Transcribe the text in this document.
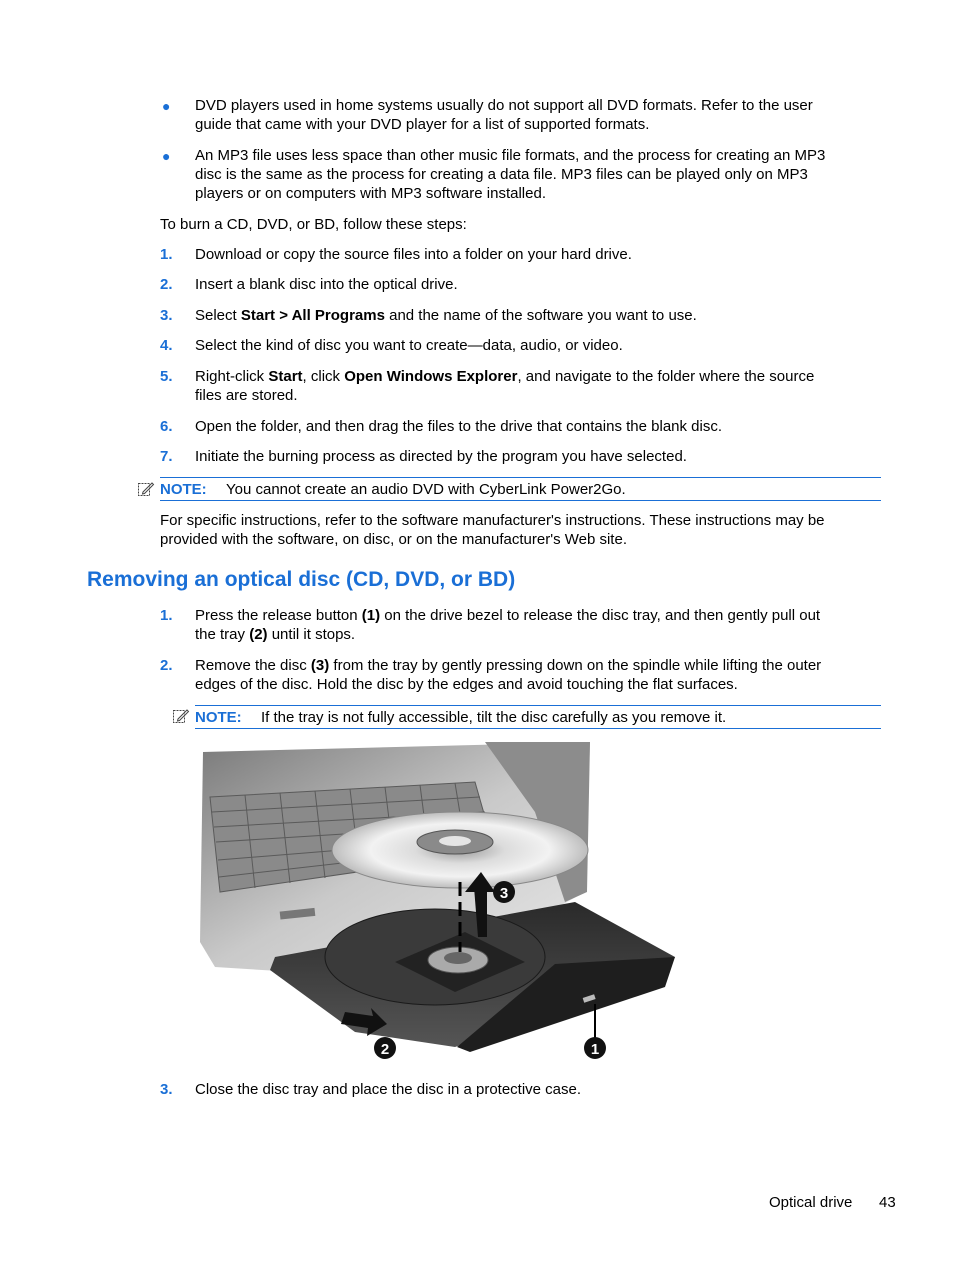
● DVD players used in home systems usually do not support all DVD formats. Refer to the user
guide that came with your DVD player for a list of supported formats.
● An MP3 file uses less space than other music file formats, and the process for creating an MP3
disc is the same as the process for creating a data file. MP3 files can be played only on MP3
players or on computers with MP3 software installed.
To burn a CD, DVD, or BD, follow these steps:
1. Download or copy the source files into a folder on your hard drive.
2. Insert a blank disc into the optical drive.
3. Select Start > All Programs and the name of the software you want to use.
4. Select the kind of disc you want to create—data, audio, or video.
5. Right-click Start, click Open Windows Explorer, and navigate to the folder where the source
files are stored.
6. Open the folder, and then drag the files to the drive that contains the blank disc.
7. Initiate the burning process as directed by the program you have selected.
NOTE: You cannot create an audio DVD with CyberLink Power2Go.
For specific instructions, refer to the software manufacturer's instructions. These instructions may be
provided with the software, on disc, or on the manufacturer's Web site.
Removing an optical disc (CD, DVD, or BD)
1. Press the release button (1) on the drive bezel to release the disc tray, and then gently pull out
the tray (2) until it stops.
2. Remove the disc (3) from the tray by gently pressing down on the spindle while lifting the outer
edges of the disc. Hold the disc by the edges and avoid touching the flat surfaces.
NOTE: If the tray is not fully accessible, tilt the disc carefully as you remove it.
3
2	1
3. Close the disc tray and place the disc in a protective case.
Optical drive 43
